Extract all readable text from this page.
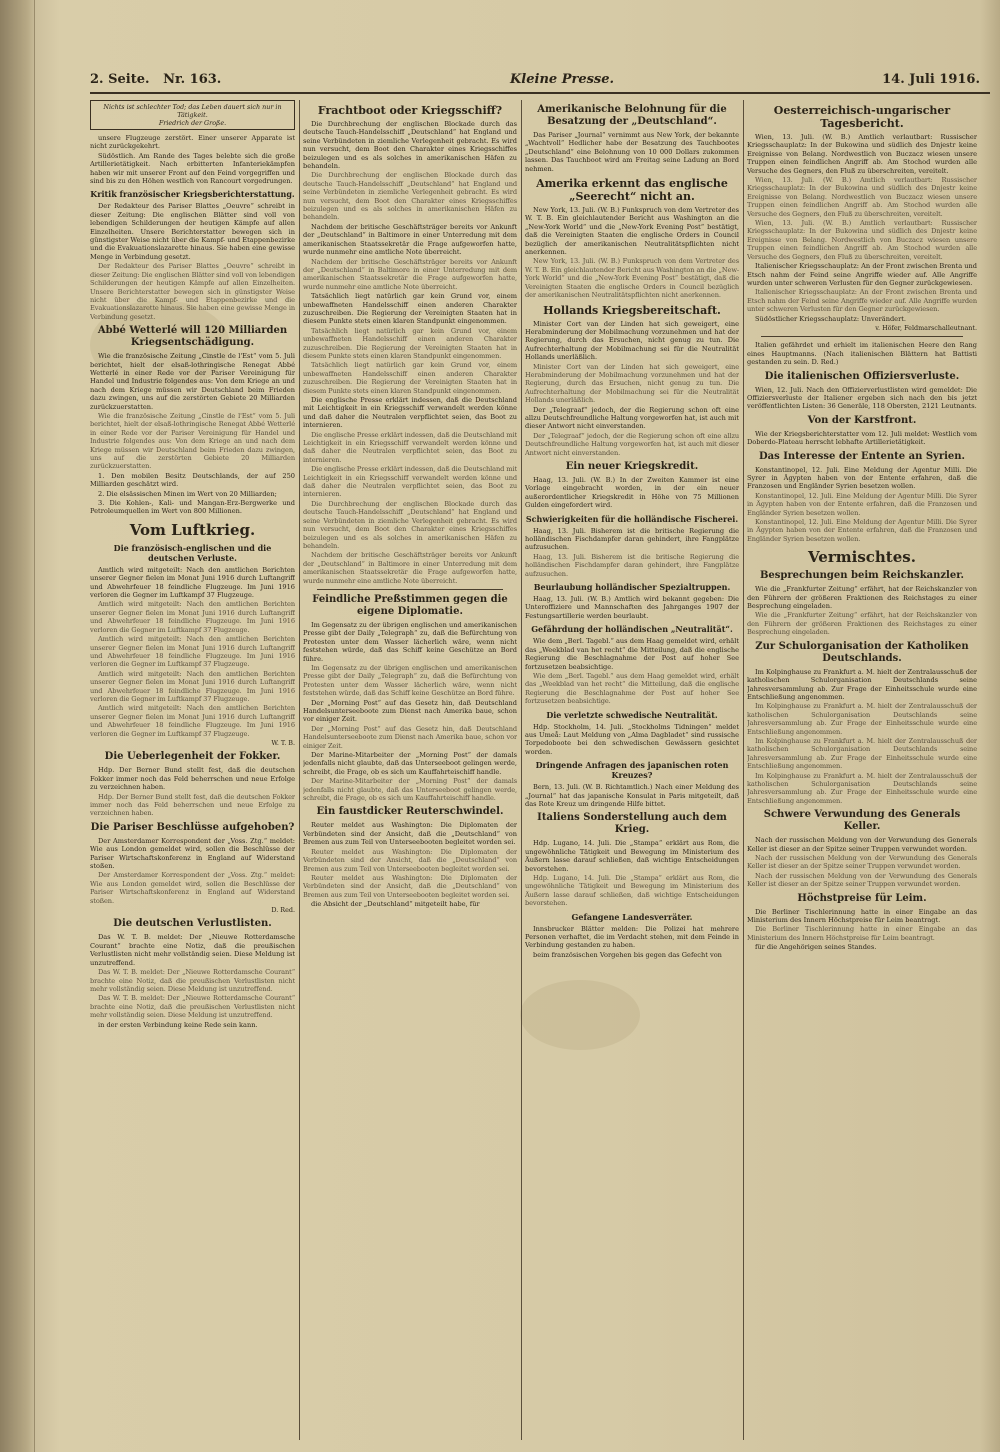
2. Seite. Nr. 163.	Kleine Presse.	14. Juli 1916.
Nichts ist schlechter Tod; das Leben dauert sich nur in Tätigkeit.
Friedrich der Große.

unsere Flugzeuge zerstört. Einer unserer Apparate ist nicht zurückgekehrt.

Südöstlich. Am Rande des Tages belebte sich die große Artillerietätigkeit. Nach erbitterten Infanteriekämpfen haben wir mit unserer Front auf den Feind vorgegriffen und sind bis zu den Höhen westlich von Rancourt vorgedrungen.

Kritik französischer Kriegsberichterstattung.

Der Redakteur des Pariser Blattes „Oeuvre“ schreibt in dieser Zeitung: Die englischen Blätter sind voll von lebendigen Schilderungen der heutigen Kämpfe auf allen Einzelheiten. Unsere Berichterstatter bewegen sich in günstigster Weise nicht über die Kampf- und Etappenbezirke und die Evakuationslazarette hinaus. Sie haben eine gewisse Menge in Verbindung gesetzt.

Der Redakteur des Pariser Blattes „Oeuvre“ schreibt in dieser Zeitung: Die englischen Blätter sind voll von lebendigen Schilderungen der heutigen Kämpfe auf allen Einzelheiten. Unsere Berichterstatter bewegen sich in günstigster Weise nicht über die Kampf- und Etappenbezirke und die Evakuationslazarette hinaus. Sie haben eine gewisse Menge in Verbindung gesetzt.

Abbé Wetterlé will 120 Milliarden Kriegsentschädigung.

Wie die französische Zeitung „Cinstle de l'Est“ vom 5. Juli berichtet, hielt der elsaß-lothringische Renegat Abbé Wetterlé in einer Rede vor der Pariser Vereinigung für Handel und Industrie folgendes aus: Von dem Kriege an und nach dem Kriege müssen wir Deutschland beim Frieden dazu zwingen, uns auf die zerstörten Gebiete 20 Milliarden zurückzuerstatten.

Wie die französische Zeitung „Cinstle de l'Est“ vom 5. Juli berichtet, hielt der elsaß-lothringische Renegat Abbé Wetterlé in einer Rede vor der Pariser Vereinigung für Handel und Industrie folgendes aus: Von dem Kriege an und nach dem Kriege müssen wir Deutschland beim Frieden dazu zwingen, uns auf die zerstörten Gebiete 20 Milliarden zurückzuerstatten.

1. Den mobilen Besitz Deutschlands, der auf 250 Milliarden geschätzt wird.

2. Die elsässischen Minen im Wert von 20 Milliarden;

3. Die Kohlen-, Kali- und Mangan-Erz-Bergwerke und Petroleumquellen im Wert von 800 Millionen.

Vom Luftkrieg.
Die französisch-englischen und die deutschen Verluste.

Amtlich wird mitgeteilt: Nach den amtlichen Berichten unserer Gegner fielen im Monat Juni 1916 durch Luftangriff und Abwehrfeuer 18 feindliche Flugzeuge. Im Juni 1916 verloren die Gegner im Luftkampf 37 Flugzeuge.

Amtlich wird mitgeteilt: Nach den amtlichen Berichten unserer Gegner fielen im Monat Juni 1916 durch Luftangriff und Abwehrfeuer 18 feindliche Flugzeuge. Im Juni 1916 verloren die Gegner im Luftkampf 37 Flugzeuge.

Amtlich wird mitgeteilt: Nach den amtlichen Berichten unserer Gegner fielen im Monat Juni 1916 durch Luftangriff und Abwehrfeuer 18 feindliche Flugzeuge. Im Juni 1916 verloren die Gegner im Luftkampf 37 Flugzeuge.

Amtlich wird mitgeteilt: Nach den amtlichen Berichten unserer Gegner fielen im Monat Juni 1916 durch Luftangriff und Abwehrfeuer 18 feindliche Flugzeuge. Im Juni 1916 verloren die Gegner im Luftkampf 37 Flugzeuge.

Amtlich wird mitgeteilt: Nach den amtlichen Berichten unserer Gegner fielen im Monat Juni 1916 durch Luftangriff und Abwehrfeuer 18 feindliche Flugzeuge. Im Juni 1916 verloren die Gegner im Luftkampf 37 Flugzeuge.

W. T. B.
Die Ueberlegenheit der Fokker.

Hdp. Der Berner Bund stellt fest, daß die deutschen Fokker immer noch das Feld beherrschen und neue Erfolge zu verzeichnen haben.

Hdp. Der Berner Bund stellt fest, daß die deutschen Fokker immer noch das Feld beherrschen und neue Erfolge zu verzeichnen haben.

Die Pariser Beschlüsse aufgehoben?

Der Amsterdamer Korrespondent der „Voss. Ztg.“ meldet: Wie aus London gemeldet wird, sollen die Beschlüsse der Pariser Wirtschaftskonferenz in England auf Widerstand stoßen.

Der Amsterdamer Korrespondent der „Voss. Ztg.“ meldet: Wie aus London gemeldet wird, sollen die Beschlüsse der Pariser Wirtschaftskonferenz in England auf Widerstand stoßen.

D. Red.
Die deutschen Verlustlisten.

Das W. T. B. meldet: Der „Nieuwe Rotterdamsche Courant“ brachte eine Notiz, daß die preußischen Verlustlisten nicht mehr vollständig seien. Diese Meldung ist unzutreffend.

Das W. T. B. meldet: Der „Nieuwe Rotterdamsche Courant“ brachte eine Notiz, daß die preußischen Verlustlisten nicht mehr vollständig seien. Diese Meldung ist unzutreffend.

Das W. T. B. meldet: Der „Nieuwe Rotterdamsche Courant“ brachte eine Notiz, daß die preußischen Verlustlisten nicht mehr vollständig seien. Diese Meldung ist unzutreffend.

in der ersten Verbindung keine Rede sein kann.

Frachtboot oder Kriegsschiff?

Die Durchbrechung der englischen Blockade durch das deutsche Tauch-Handelsschiff „Deutschland“ hat England und seine Verbündeten in ziemliche Verlegenheit gebracht. Es wird nun versucht, dem Boot den Charakter eines Kriegsschiffes beizulegen und es als solches in amerikanischen Häfen zu behandeln.

Die Durchbrechung der englischen Blockade durch das deutsche Tauch-Handelsschiff „Deutschland“ hat England und seine Verbündeten in ziemliche Verlegenheit gebracht. Es wird nun versucht, dem Boot den Charakter eines Kriegsschiffes beizulegen und es als solches in amerikanischen Häfen zu behandeln.

Nachdem der britische Geschäftsträger bereits vor Ankunft der „Deutschland“ in Baltimore in einer Unterredung mit dem amerikanischen Staatssekretär die Frage aufgeworfen hatte, wurde nunmehr eine amtliche Note überreicht.

Nachdem der britische Geschäftsträger bereits vor Ankunft der „Deutschland“ in Baltimore in einer Unterredung mit dem amerikanischen Staatssekretär die Frage aufgeworfen hatte, wurde nunmehr eine amtliche Note überreicht.

Tatsächlich liegt natürlich gar kein Grund vor, einem unbewaffneten Handelsschiff einen anderen Charakter zuzuschreiben. Die Regierung der Vereinigten Staaten hat in diesem Punkte stets einen klaren Standpunkt eingenommen.

Tatsächlich liegt natürlich gar kein Grund vor, einem unbewaffneten Handelsschiff einen anderen Charakter zuzuschreiben. Die Regierung der Vereinigten Staaten hat in diesem Punkte stets einen klaren Standpunkt eingenommen.

Tatsächlich liegt natürlich gar kein Grund vor, einem unbewaffneten Handelsschiff einen anderen Charakter zuzuschreiben. Die Regierung der Vereinigten Staaten hat in diesem Punkte stets einen klaren Standpunkt eingenommen.

Die englische Presse erklärt indessen, daß die Deutschland mit Leichtigkeit in ein Kriegsschiff verwandelt werden könne und daß daher die Neutralen verpflichtet seien, das Boot zu internieren.

Die englische Presse erklärt indessen, daß die Deutschland mit Leichtigkeit in ein Kriegsschiff verwandelt werden könne und daß daher die Neutralen verpflichtet seien, das Boot zu internieren.

Die englische Presse erklärt indessen, daß die Deutschland mit Leichtigkeit in ein Kriegsschiff verwandelt werden könne und daß daher die Neutralen verpflichtet seien, das Boot zu internieren.

Die Durchbrechung der englischen Blockade durch das deutsche Tauch-Handelsschiff „Deutschland“ hat England und seine Verbündeten in ziemliche Verlegenheit gebracht. Es wird nun versucht, dem Boot den Charakter eines Kriegsschiffes beizulegen und es als solches in amerikanischen Häfen zu behandeln.

Nachdem der britische Geschäftsträger bereits vor Ankunft der „Deutschland“ in Baltimore in einer Unterredung mit dem amerikanischen Staatssekretär die Frage aufgeworfen hatte, wurde nunmehr eine amtliche Note überreicht.

Feindliche Preßstimmen gegen die eigene Diplomatie.

Im Gegensatz zu der übrigen englischen und amerikanischen Presse gibt der Daily „Telegraph“ zu, daß die Befürchtung von Protesten unter dem Wasser lächerlich wäre, wenn nicht feststehen würde, daß das Schiff keine Geschütze an Bord führe.

Im Gegensatz zu der übrigen englischen und amerikanischen Presse gibt der Daily „Telegraph“ zu, daß die Befürchtung von Protesten unter dem Wasser lächerlich wäre, wenn nicht feststehen würde, daß das Schiff keine Geschütze an Bord führe.

Der „Morning Post“ auf das Gesetz hin, daß Deutschland Handelsunterseeboote zum Dienst nach Amerika baue, schon vor einiger Zeit.

Der „Morning Post“ auf das Gesetz hin, daß Deutschland Handelsunterseeboote zum Dienst nach Amerika baue, schon vor einiger Zeit.

Der Marine-Mitarbeiter der „Morning Post“ der damals jedenfalls nicht glaubte, daß das Unterseeboot gelingen werde, schreibt, die Frage, ob es sich um Kauffahrteischiff handle.

Der Marine-Mitarbeiter der „Morning Post“ der damals jedenfalls nicht glaubte, daß das Unterseeboot gelingen werde, schreibt, die Frage, ob es sich um Kauffahrteischiff handle.

Ein faustdicker Reuterschwindel.

Reuter meldet aus Washington: Die Diplomaten der Verbündeten sind der Ansicht, daß die „Deutschland“ von Bremen aus zum Teil von Unterseebooten begleitet worden sei.

Reuter meldet aus Washington: Die Diplomaten der Verbündeten sind der Ansicht, daß die „Deutschland“ von Bremen aus zum Teil von Unterseebooten begleitet worden sei.

Reuter meldet aus Washington: Die Diplomaten der Verbündeten sind der Ansicht, daß die „Deutschland“ von Bremen aus zum Teil von Unterseebooten begleitet worden sei.

die Absicht der „Deutschland“ mitgeteilt habe, für

Amerikanische Belohnung für die Besatzung der „Deutschland“.

Das Pariser „Journal“ vernimmt aus New York, der bekannte „Wachtvoll“ Hedlicher habe der Besatzung des Tauchbootes „Deutschland“ eine Belohnung von 10 000 Dollars zukommen lassen. Das Tauchboot wird am Freitag seine Ladung an Bord nehmen.

Amerika erkennt das englische „Seerecht“ nicht an.

New York, 13. Juli. (W. B.) Funkspruch von dem Vertreter des W. T. B. Ein gleichlautender Bericht aus Washington an die „New-York World“ und die „New-York Evening Post“ bestätigt, daß die Vereinigten Staaten die englische Orders in Council bezüglich der amerikanischen Neutralitätspflichten nicht anerkennen.

New York, 13. Juli. (W. B.) Funkspruch von dem Vertreter des W. T. B. Ein gleichlautender Bericht aus Washington an die „New-York World“ und die „New-York Evening Post“ bestätigt, daß die Vereinigten Staaten die englische Orders in Council bezüglich der amerikanischen Neutralitätspflichten nicht anerkennen.

Hollands Kriegsbereitschaft.

Minister Cort van der Linden hat sich geweigert, eine Herabminderung der Mobilmachung vorzunehmen und hat der Regierung, durch das Ersuchen, nicht genug zu tun. Die Aufrechterhaltung der Mobilmachung sei für die Neutralität Hollands unerläßlich.

Minister Cort van der Linden hat sich geweigert, eine Herabminderung der Mobilmachung vorzunehmen und hat der Regierung, durch das Ersuchen, nicht genug zu tun. Die Aufrechterhaltung der Mobilmachung sei für die Neutralität Hollands unerläßlich.

Der „Telegraaf“ jedoch, der die Regierung schon oft eine allzu Deutschfreundliche Haltung vorgeworfen hat, ist auch mit dieser Antwort nicht einverstanden.

Der „Telegraaf“ jedoch, der die Regierung schon oft eine allzu Deutschfreundliche Haltung vorgeworfen hat, ist auch mit dieser Antwort nicht einverstanden.

Ein neuer Kriegskredit.

Haag, 13. Juli. (W. B.) In der Zweiten Kammer ist eine Vorlage eingebracht worden, in der ein neuer außerordentlicher Kriegskredit in Höhe von 75 Millionen Gulden eingefordert wird.

Schwierigkeiten für die holländische Fischerei.

Haag, 13. Juli. Bisherem ist die britische Regierung die holländischen Fischdampfer daran gehindert, ihre Fangplätze aufzusuchen.

Haag, 13. Juli. Bisherem ist die britische Regierung die holländischen Fischdampfer daran gehindert, ihre Fangplätze aufzusuchen.

Beurlaubung holländischer Spezialtruppen.

Haag, 13. Juli. (W. B.) Amtlich wird bekannt gegeben: Die Unteroffiziere und Mannschaften des Jahrganges 1907 der Festungsartillerie werden beurlaubt.

Gefährdung der holländischen „Neutralität“.

Wie dem „Berl. Tagebl.“ aus dem Haag gemeldet wird, erhält das „Weekblad van het recht“ die Mitteilung, daß die englische Regierung die Beschlagnahme der Post auf hoher See fortzusetzen beabsichtige.

Wie dem „Berl. Tagebl.“ aus dem Haag gemeldet wird, erhält das „Weekblad van het recht“ die Mitteilung, daß die englische Regierung die Beschlagnahme der Post auf hoher See fortzusetzen beabsichtige.

Die verletzte schwedische Neutralität.

Hdp. Stockholm, 14. Juli. „Stockholms Tidningen“ meldet aus Umeå: Laut Meldung von „Alma Dagbladet“ sind russische Torpedoboote bei den schwedischen Gewässern gesichtet worden.

Dringende Anfragen des japanischen roten Kreuzes?

Bern, 13. Juli. (W. B. Richtamtlich.) Nach einer Meldung des „Journal“ hat das japanische Konsulat in Paris mitgeteilt, daß das Rote Kreuz um dringende Hilfe bittet.

Italiens Sonderstellung auch dem Krieg.

Hdp. Lugano, 14. Juli. Die „Stampa“ erklärt aus Rom, die ungewöhnliche Tätigkeit und Bewegung im Ministerium des Äußern lasse darauf schließen, daß wichtige Entscheidungen bevorstehen.

Hdp. Lugano, 14. Juli. Die „Stampa“ erklärt aus Rom, die ungewöhnliche Tätigkeit und Bewegung im Ministerium des Äußern lasse darauf schließen, daß wichtige Entscheidungen bevorstehen.

Gefangene Landesverräter.

Innsbrucker Blätter melden: Die Polizei hat mehrere Personen verhaftet, die im Verdacht stehen, mit dem Feinde in Verbindung gestanden zu haben.

beim französischen Vorgehen bis gegen das Gefecht von

Oesterreichisch-ungarischer Tagesbericht.

Wien, 13. Juli. (W. B.) Amtlich verlautbart: Russischer Kriegsschauplatz: In der Bukowina und südlich des Dnjestr keine Ereignisse von Belang. Nordwestlich von Buczacz wiesen unsere Truppen einen feindlichen Angriff ab. Am Stochod wurden alle Versuche des Gegners, den Fluß zu überschreiten, vereitelt.

Wien, 13. Juli. (W. B.) Amtlich verlautbart: Russischer Kriegsschauplatz: In der Bukowina und südlich des Dnjestr keine Ereignisse von Belang. Nordwestlich von Buczacz wiesen unsere Truppen einen feindlichen Angriff ab. Am Stochod wurden alle Versuche des Gegners, den Fluß zu überschreiten, vereitelt.

Wien, 13. Juli. (W. B.) Amtlich verlautbart: Russischer Kriegsschauplatz: In der Bukowina und südlich des Dnjestr keine Ereignisse von Belang. Nordwestlich von Buczacz wiesen unsere Truppen einen feindlichen Angriff ab. Am Stochod wurden alle Versuche des Gegners, den Fluß zu überschreiten, vereitelt.

Italienischer Kriegsschauplatz: An der Front zwischen Brenta und Etsch nahm der Feind seine Angriffe wieder auf. Alle Angriffe wurden unter schweren Verlusten für den Gegner zurückgewiesen.

Italienischer Kriegsschauplatz: An der Front zwischen Brenta und Etsch nahm der Feind seine Angriffe wieder auf. Alle Angriffe wurden unter schweren Verlusten für den Gegner zurückgewiesen.

Südöstlicher Kriegsschauplatz: Unverändert.

v. Höfer, Feldmarschalleutnant.

Italien gefährdet und erhielt im italienischen Heere den Rang eines Hauptmanns. (Nach italienischen Blättern hat Battisti gestanden zu sein. D. Red.)

Die italienischen Offiziersverluste.

Wien, 12. Juli. Nach den Offizierverlustlisten wird gemeldet: Die Offiziersverluste der Italiener ergeben sich nach den bis jetzt veröffentlichten Listen: 36 Generäle, 118 Obersten, 2121 Leutnants.

Von der Karstfront.

Wie der Kriegsberichterstatter vom 12. Juli meldet: Westlich vom Doberdo-Plateau herrscht lebhafte Artillerietätigkeit.

Das Interesse der Entente an Syrien.

Konstantinopel, 12. Juli. Eine Meldung der Agentur Milli. Die Syrer in Ägypten haben von der Entente erfahren, daß die Franzosen und Engländer Syrien besetzen wollen.

Konstantinopel, 12. Juli. Eine Meldung der Agentur Milli. Die Syrer in Ägypten haben von der Entente erfahren, daß die Franzosen und Engländer Syrien besetzen wollen.

Konstantinopel, 12. Juli. Eine Meldung der Agentur Milli. Die Syrer in Ägypten haben von der Entente erfahren, daß die Franzosen und Engländer Syrien besetzen wollen.

Vermischtes.
Besprechungen beim Reichskanzler.

Wie die „Frankfurter Zeitung“ erfährt, hat der Reichskanzler von den Führern der größeren Fraktionen des Reichstages zu einer Besprechung eingeladen.

Wie die „Frankfurter Zeitung“ erfährt, hat der Reichskanzler von den Führern der größeren Fraktionen des Reichstages zu einer Besprechung eingeladen.

Zur Schulorganisation der Katholiken Deutschlands.

Im Kolpinghause zu Frankfurt a. M. hielt der Zentralausschuß der katholischen Schulorganisation Deutschlands seine Jahresversammlung ab. Zur Frage der Einheitsschule wurde eine Entschließung angenommen.

Im Kolpinghause zu Frankfurt a. M. hielt der Zentralausschuß der katholischen Schulorganisation Deutschlands seine Jahresversammlung ab. Zur Frage der Einheitsschule wurde eine Entschließung angenommen.

Im Kolpinghause zu Frankfurt a. M. hielt der Zentralausschuß der katholischen Schulorganisation Deutschlands seine Jahresversammlung ab. Zur Frage der Einheitsschule wurde eine Entschließung angenommen.

Im Kolpinghause zu Frankfurt a. M. hielt der Zentralausschuß der katholischen Schulorganisation Deutschlands seine Jahresversammlung ab. Zur Frage der Einheitsschule wurde eine Entschließung angenommen.

Schwere Verwundung des Generals Keller.

Nach der russischen Meldung von der Verwundung des Generals Keller ist dieser an der Spitze seiner Truppen verwundet worden.

Nach der russischen Meldung von der Verwundung des Generals Keller ist dieser an der Spitze seiner Truppen verwundet worden.

Nach der russischen Meldung von der Verwundung des Generals Keller ist dieser an der Spitze seiner Truppen verwundet worden.

Höchstpreise für Leim.

Die Berliner Tischlerinnung hatte in einer Eingabe an das Ministerium des Innern Höchstpreise für Leim beantragt.

Die Berliner Tischlerinnung hatte in einer Eingabe an das Ministerium des Innern Höchstpreise für Leim beantragt.

für die Angehörigen seines Standes.
